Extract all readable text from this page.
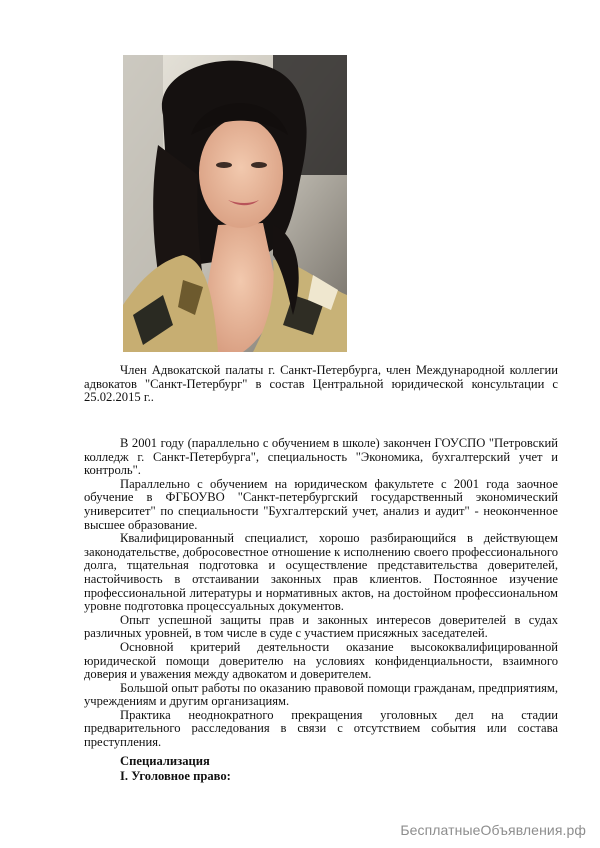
Член Адвокатской палаты г. Санкт-Петербурга, член Международной коллегии адвокатов "Санкт-Петербург" в состав Центральной юридической консультации с 25.02.2015 г..

В 2001 году (параллельно с обучением в школе) закончен ГОУСПО "Петровский колледж г. Санкт-Петербурга", специальность "Экономика, бухгалтерский учет и контроль".

Параллельно с обучением на юридическом факультете с 2001 года заочное обучение в ФГБОУВО "Санкт-петербургский государственный экономический университет" по специальности "Бухгалтерский учет, анализ и аудит" - неоконченное высшее образование.

Квалифицированный специалист, хорошо разбирающийся в действующем законодательстве, добросовестное отношение к исполнению своего профессионального долга, тщательная подготовка и осуществление представительства доверителей, настойчивость в отстаивании законных прав клиентов. Постоянное изучение профессиональной литературы и нормативных актов, на достойном профессиональном уровне подготовка процессуальных документов.

Опыт успешной защиты прав и законных интересов доверителей в судах различных уровней, в том числе в суде с участием присяжных заседателей.

Основной критерий деятельности оказание высококвалифицированной юридической помощи доверителю на условиях конфиденциальности, взаимного доверия и уважения между адвокатом и доверителем.

Большой опыт работы по оказанию правовой помощи гражданам, предприятиям, учреждениям и другим организациям.

Практика неоднократного прекращения уголовных дел на стадии предварительного расследования в связи с отсутствием события или состава преступления.

Специализация
I. Уголовное право:
БесплатныеОбъявления.рф
